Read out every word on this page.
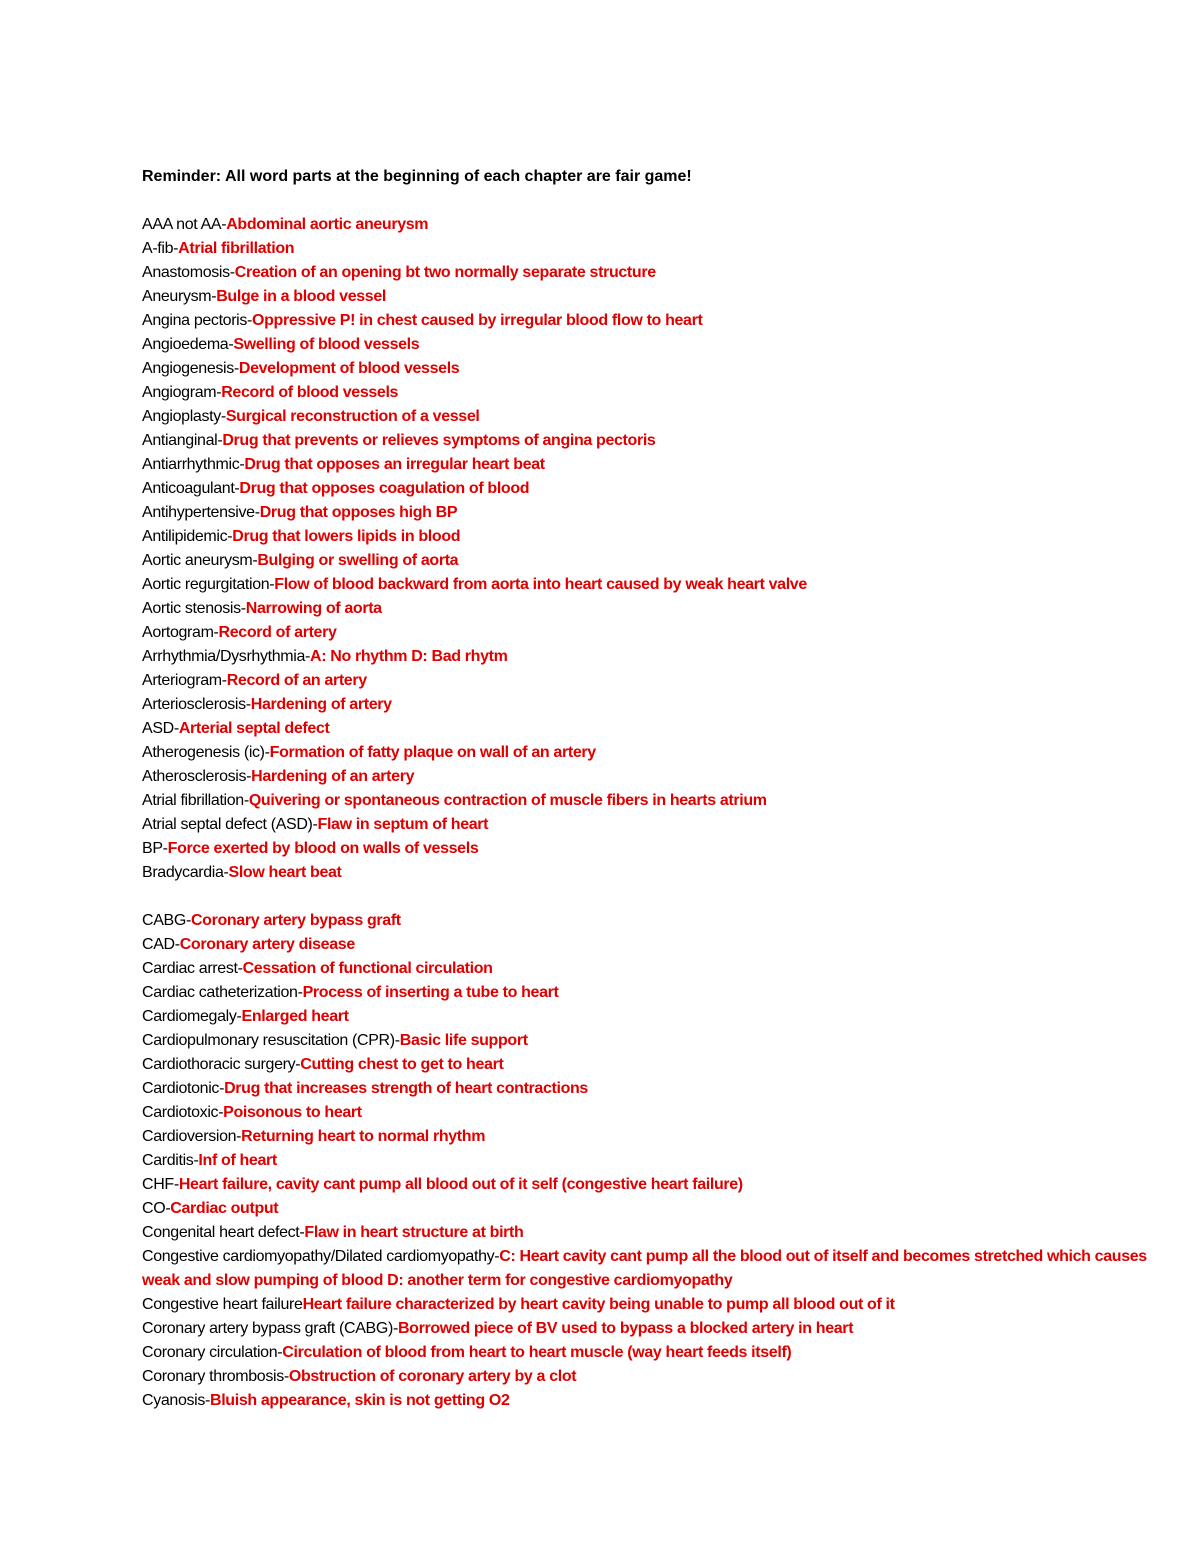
Reminder: All word parts at the beginning of each chapter are fair game!
AAA not AA-Abdominal aortic aneurysm
A-fib-Atrial fibrillation
Anastomosis-Creation of an opening bt two normally separate structure
Aneurysm-Bulge in a blood vessel
Angina pectoris-Oppressive P! in chest caused by irregular blood flow to heart
Angioedema-Swelling of blood vessels
Angiogenesis-Development of blood vessels
Angiogram-Record of blood vessels
Angioplasty-Surgical reconstruction of a vessel
Antianginal-Drug that prevents or relieves symptoms of angina pectoris
Antiarrhythmic-Drug that opposes an irregular heart beat
Anticoagulant-Drug that opposes coagulation of blood
Antihypertensive-Drug that opposes high BP
Antilipidemic-Drug that lowers lipids in blood
Aortic aneurysm-Bulging or swelling of aorta
Aortic regurgitation-Flow of blood backward from aorta into heart caused by weak heart valve
Aortic stenosis-Narrowing of aorta
Aortogram-Record of artery
Arrhythmia/Dysrhythmia-A: No rhythm D: Bad rhytm
Arteriogram-Record of an artery
Arteriosclerosis-Hardening of artery
ASD-Arterial septal defect
Atherogenesis (ic)-Formation of fatty plaque on wall of an artery
Atherosclerosis-Hardening of an artery
Atrial fibrillation-Quivering or spontaneous contraction of muscle fibers in hearts atrium
Atrial septal defect (ASD)-Flaw in septum of heart
BP-Force exerted by blood on walls of vessels
Bradycardia-Slow heart beat
CABG-Coronary artery bypass graft
CAD-Coronary artery disease
Cardiac arrest-Cessation of functional circulation
Cardiac catheterization-Process of inserting a tube to heart
Cardiomegaly-Enlarged heart
Cardiopulmonary resuscitation (CPR)-Basic life support
Cardiothoracic surgery-Cutting chest to get to heart
Cardiotonic-Drug that increases strength of heart contractions
Cardiotoxic-Poisonous to heart
Cardioversion-Returning heart to normal rhythm
Carditis-Inf of heart
CHF-Heart failure, cavity cant pump all blood out of it self (congestive heart failure)
CO-Cardiac output
Congenital heart defect-Flaw in heart structure at birth
Congestive cardiomyopathy/Dilated cardiomyopathy-C: Heart cavity cant pump all the blood out of itself and becomes stretched which causes weak and slow pumping of blood D: another term for congestive cardiomyopathy
Congestive heart failureHeart failure characterized by heart cavity being unable to pump all blood out of it
Coronary artery bypass graft (CABG)-Borrowed piece of BV used to bypass a blocked artery in heart
Coronary circulation-Circulation of blood from heart to heart muscle (way heart feeds itself)
Coronary thrombosis-Obstruction of coronary artery by a clot
Cyanosis-Bluish appearance, skin is not getting O2
